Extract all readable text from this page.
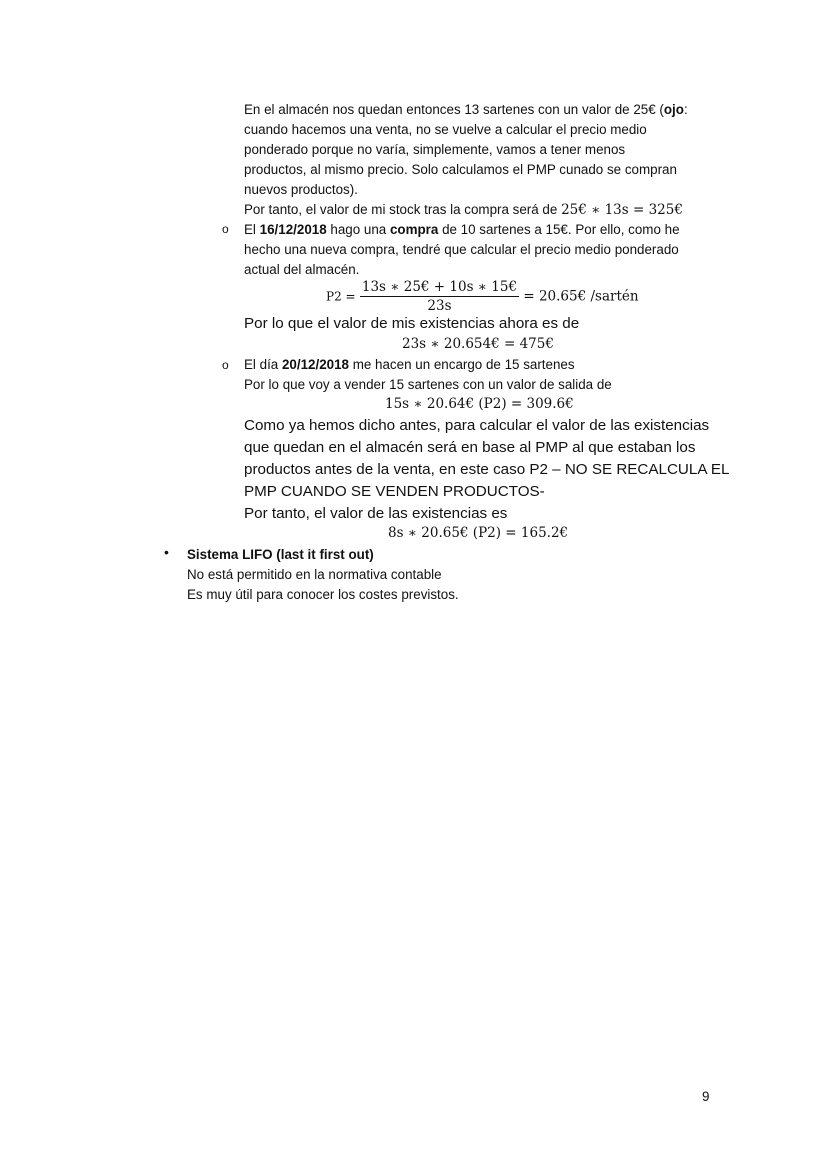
En el almacén nos quedan entonces 13 sartenes con un valor de 25€ (ojo:
cuando hacemos una venta, no se vuelve a calcular el precio medio
ponderado porque no varía, simplemente, vamos a tener menos
productos, al mismo precio. Solo calculamos el PMP cunado se compran
nuevos productos).
Por tanto, el valor de mi stock tras la compra será de 25€ ∗ 13s = 325€
o El 16/12/2018 hago una compra de 10 sartenes a 15€. Por ello, como he
hecho una nueva compra, tendré que calcular el precio medio ponderado
actual del almacén.
$P2 = \frac{13s ∗ 25€ + 10s ∗ 15€}{23s}$ = 20.65€ /sartén
Por lo que el valor de mis existencias ahora es de
23s ∗ 20.654€ = 475€
o El día 20/12/2018 me hacen un encargo de 15 sartenes
Por lo que voy a vender 15 sartenes con un valor de salida de
15s ∗ 20.64€ (P2) = 309.6€
Como ya hemos dicho antes, para calcular el valor de las existencias
que quedan en el almacén será en base al PMP al que estaban los
productos antes de la venta, en este caso P2 – NO SE RECALCULA EL
PMP CUANDO SE VENDEN PRODUCTOS-
Por tanto, el valor de las existencias es
8s ∗ 20.65€ (P2) = 165.2€
• Sistema LIFO (last it first out)
No está permitido en la normativa contable
Es muy útil para conocer los costes previstos.
9
